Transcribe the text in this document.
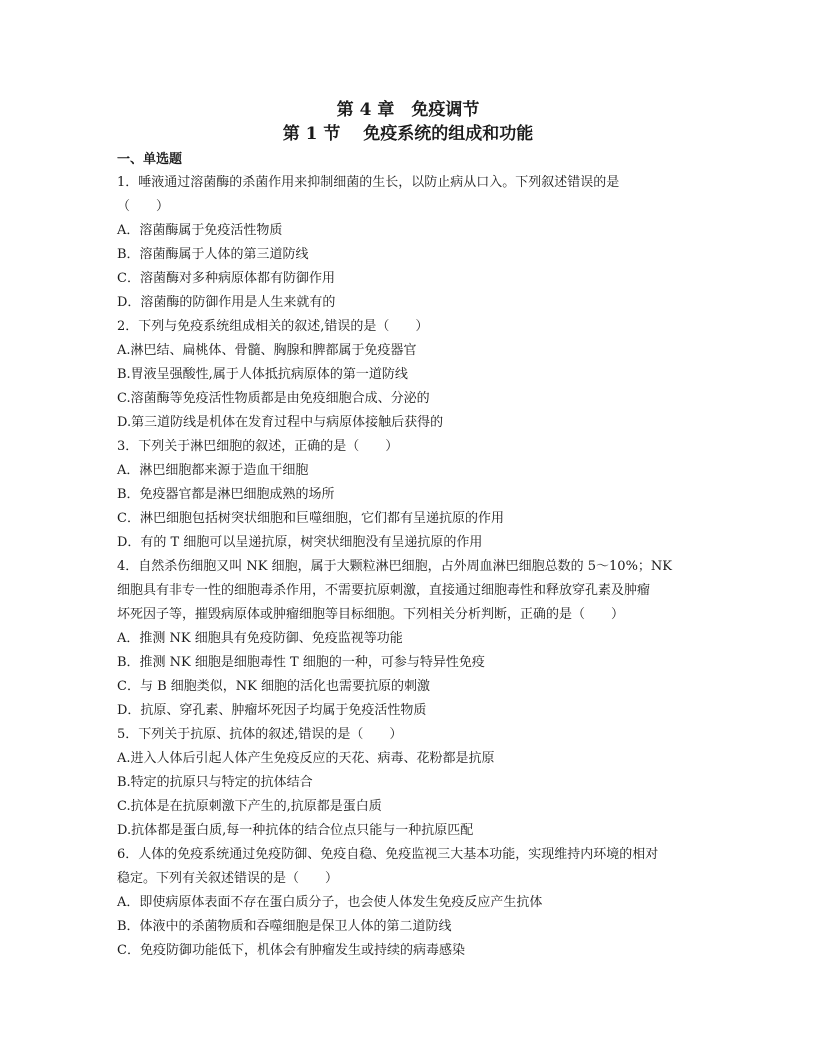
第 4 章　免疫调节
第 1 节　 免疫系统的组成和功能
一、单选题
1．唾液通过溶菌酶的杀菌作用来抑制细菌的生长，以防止病从口入。下列叙述错误的是
（　　）
A．溶菌酶属于免疫活性物质
B．溶菌酶属于人体的第三道防线
C．溶菌酶对多种病原体都有防御作用
D．溶菌酶的防御作用是人生来就有的
2．下列与免疫系统组成相关的叙述,错误的是（　　）
A.淋巴结、扁桃体、骨髓、胸腺和脾都属于免疫器官
B.胃液呈强酸性,属于人体抵抗病原体的第一道防线
C.溶菌酶等免疫活性物质都是由免疫细胞合成、分泌的
D.第三道防线是机体在发育过程中与病原体接触后获得的
3．下列关于淋巴细胞的叙述，正确的是（　　）
A．淋巴细胞都来源于造血干细胞
B．免疫器官都是淋巴细胞成熟的场所
C．淋巴细胞包括树突状细胞和巨噬细胞，它们都有呈递抗原的作用
D．有的 T 细胞可以呈递抗原，树突状细胞没有呈递抗原的作用
4．自然杀伤细胞又叫 NK 细胞，属于大颗粒淋巴细胞，占外周血淋巴细胞总数的 5～10%；NK
细胞具有非专一性的细胞毒杀作用，不需要抗原刺激，直接通过细胞毒性和释放穿孔素及肿瘤
坏死因子等，摧毁病原体或肿瘤细胞等目标细胞。下列相关分析判断，正确的是（　　）
A．推测 NK 细胞具有免疫防御、免疫监视等功能
B．推测 NK 细胞是细胞毒性 T 细胞的一种，可参与特异性免疫
C．与 B 细胞类似，NK 细胞的活化也需要抗原的刺激
D．抗原、穿孔素、肿瘤坏死因子均属于免疫活性物质
5．下列关于抗原、抗体的叙述,错误的是（　　）
A.进入人体后引起人体产生免疫反应的天花、病毒、花粉都是抗原
B.特定的抗原只与特定的抗体结合
C.抗体是在抗原刺激下产生的,抗原都是蛋白质
D.抗体都是蛋白质,每一种抗体的结合位点只能与一种抗原匹配
6．人体的免疫系统通过免疫防御、免疫自稳、免疫监视三大基本功能，实现维持内环境的相对
稳定。下列有关叙述错误的是（　　）
A．即使病原体表面不存在蛋白质分子，也会使人体发生免疫反应产生抗体
B．体液中的杀菌物质和吞噬细胞是保卫人体的第二道防线
C．免疫防御功能低下，机体会有肿瘤发生或持续的病毒感染
